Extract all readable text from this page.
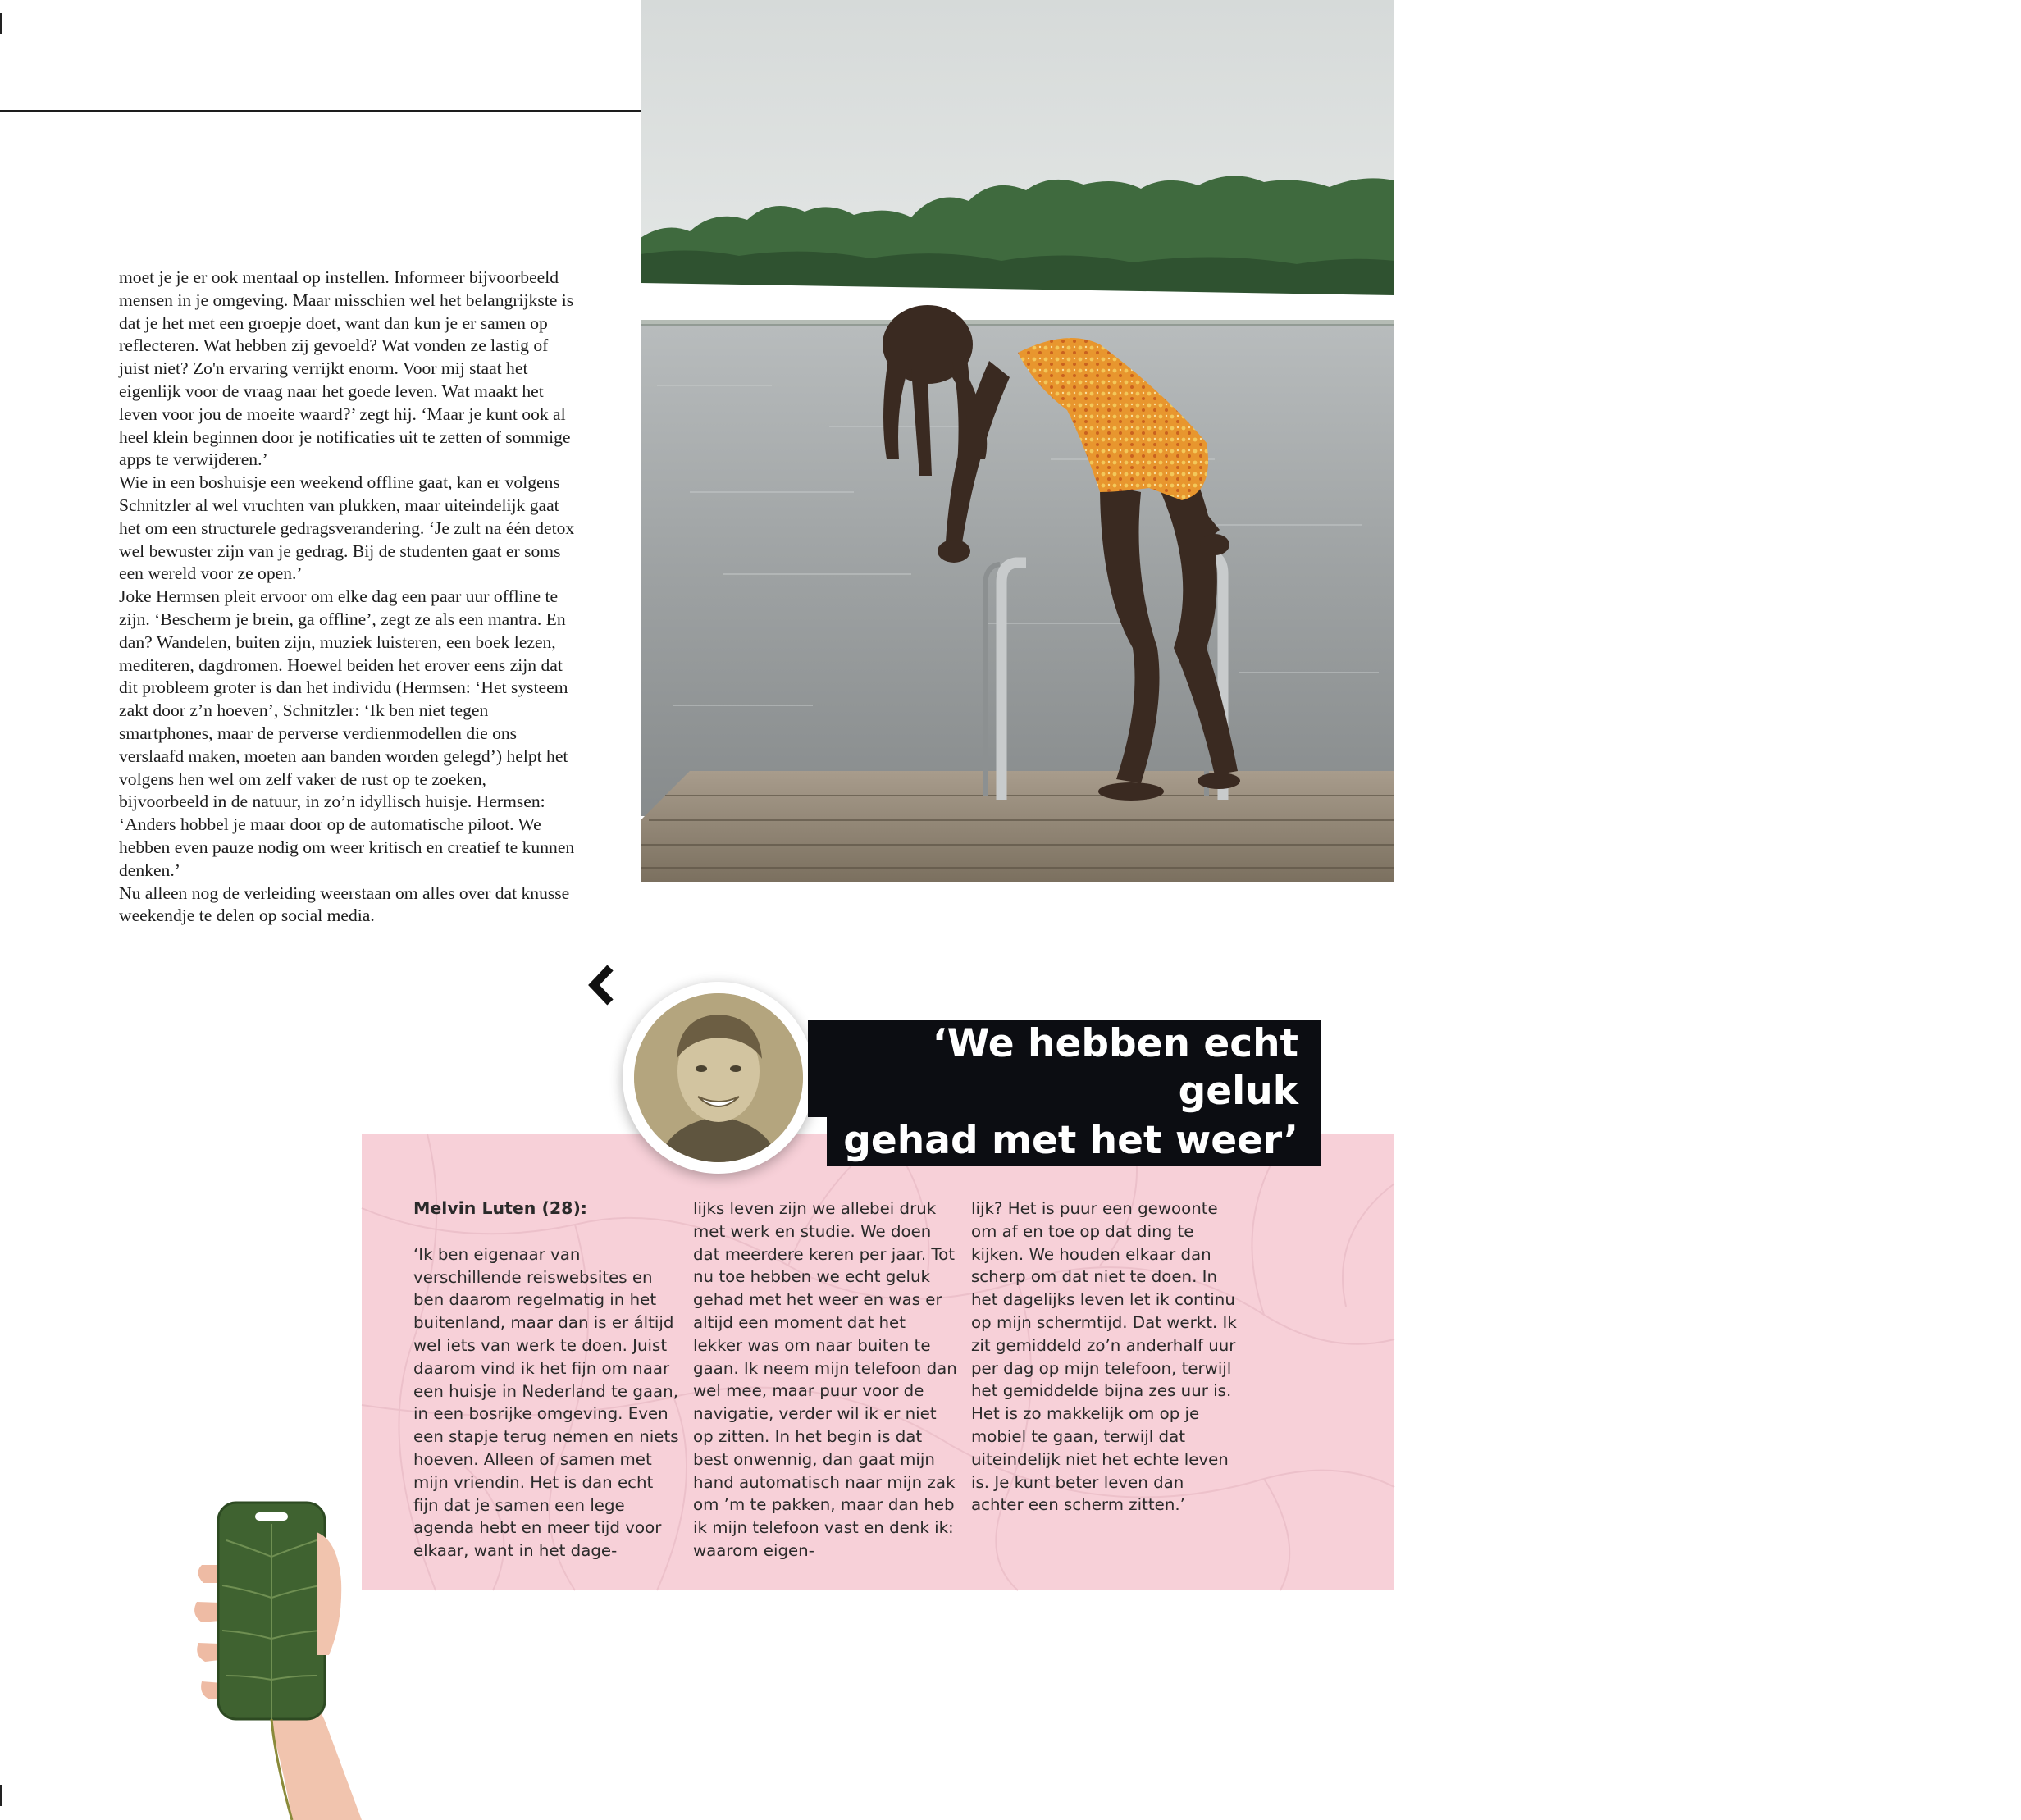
moet je je er ook mentaal op instellen. Informeer bijvoorbeeld mensen in je omgeving. Maar misschien wel het belangrijkste is dat je het met een groepje doet, want dan kun je er samen op reflecteren. Wat hebben zij gevoeld? Wat vonden ze lastig of juist niet? Zo'n ervaring verrijkt enorm. Voor mij staat het eigenlijk voor de vraag naar het goede leven. Wat maakt het leven voor jou de moeite waard?’ zegt hij. ‘Maar je kunt ook al heel klein beginnen door je notificaties uit te zetten of sommige apps te verwijderen.’

Wie in een boshuisje een weekend offline gaat, kan er volgens Schnitzler al wel vruchten van plukken, maar uiteindelijk gaat het om een structurele gedragsverandering. ‘Je zult na één detox wel bewuster zijn van je gedrag. Bij de studenten gaat er soms een wereld voor ze open.’

Joke Hermsen pleit ervoor om elke dag een paar uur offline te zijn. ‘Bescherm je brein, ga offline’, zegt ze als een mantra. En dan? Wandelen, buiten zijn, muziek luisteren, een boek lezen, mediteren, dagdromen. Hoewel beiden het erover eens zijn dat dit probleem groter is dan het individu (Hermsen: ‘Het systeem zakt door z’n hoeven’, Schnitzler: ‘Ik ben niet tegen smartphones, maar de perverse verdienmodellen die ons verslaafd maken, moeten aan banden worden gelegd’) helpt het volgens hen wel om zelf vaker de rust op te zoeken, bijvoorbeeld in de natuur, in zo’n idyllisch huisje. Hermsen: ‘Anders hobbel je maar door op de automatische piloot. We hebben even pauze nodig om weer kritisch en creatief te kunnen denken.’

Nu alleen nog de verleiding weerstaan om alles over dat knusse weekendje te delen op social media.

GABRIEL SANTIAGO/UNSPLASH

Melvin Luten (28):

‘Ik ben eigenaar van verschillende reiswebsites en ben daarom regelmatig in het buitenland, maar dan is er áltijd wel iets van werk te doen. Juist daarom vind ik het fijn om naar een huisje in Nederland te gaan, in een bosrijke omgeving. Even een stapje terug nemen en niets hoeven. Alleen of samen met mijn vriendin. Het is dan echt fijn dat je samen een lege agenda hebt en meer tijd voor elkaar, want in het dage-

lijks leven zijn we allebei druk met werk en studie. We doen dat meerdere keren per jaar. Tot nu toe hebben we echt geluk gehad met het weer en was er altijd een moment dat het lekker was om naar buiten te gaan. Ik neem mijn telefoon dan wel mee, maar puur voor de navigatie, verder wil ik er niet op zitten. In het begin is dat best onwennig, dan gaat mijn hand automatisch naar mijn zak om ’m te pakken, maar dan heb ik mijn telefoon vast en denk ik: waarom eigen-

lijk? Het is puur een gewoonte om af en toe op dat ding te kijken. We houden elkaar dan scherp om dat niet te doen. In het dagelijks leven let ik continu op mijn schermtijd. Dat werkt. Ik zit gemiddeld zo’n anderhalf uur per dag op mijn telefoon, terwijl het gemiddelde bijna zes uur is. Het is zo makkelijk om op je mobiel te gaan, terwijl dat uiteindelijk niet het echte leven is. Je kunt beter leven dan achter een scherm zitten.’

‘We hebben echt geluk
gehad met het weer’
